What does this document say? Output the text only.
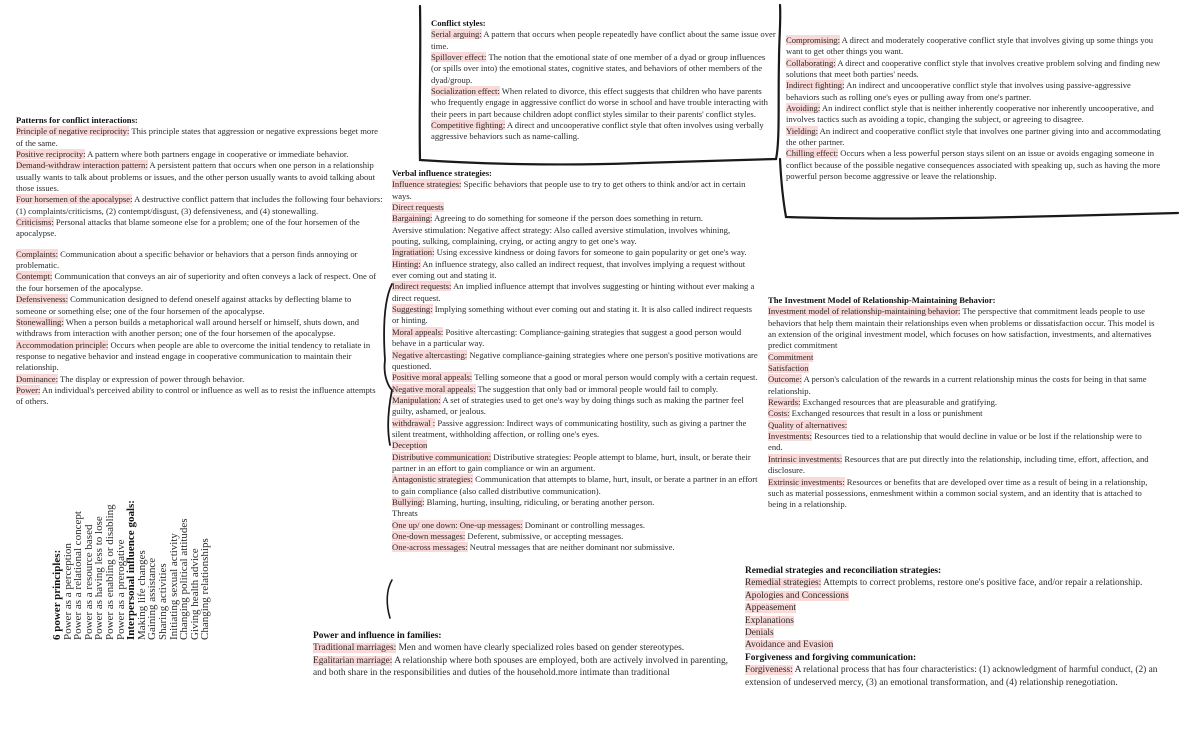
Conflict styles:

Serial arguing: A pattern that occurs when people repeatedly have conflict about the same issue over time.

Spillover effect: The notion that the emotional state of one member of a dyad or group influences (or spills over into) the emotional states, cognitive states, and behaviors of other members of the dyad/group.

Socialization effect: When related to divorce, this effect suggests that children who have parents who frequently engage in aggressive conflict do worse in school and have trouble interacting with their peers in part because children adopt conflict styles similar to their parents' conflict styles.

Competitive fighting: A direct and uncooperative conflict style that often involves using verbally aggressive behaviors such as name-calling.

Compromising: A direct and moderately cooperative conflict style that involves giving up some things you want to get other things you want.

Collaborating: A direct and cooperative conflict style that involves creative problem solving and finding new solutions that meet both parties' needs.

Indirect fighting: An indirect and uncooperative conflict style that involves using passive-aggressive behaviors such as rolling one's eyes or pulling away from one's partner.

Avoiding: An indirect conflict style that is neither inherently cooperative nor inherently uncooperative, and involves tactics such as avoiding a topic, changing the subject, or agreeing to disagree.

Yielding: An indirect and cooperative conflict style that involves one partner giving into and accommodating the other partner.

Chilling effect: Occurs when a less powerful person stays silent on an issue or avoids engaging someone in conflict because of the possible negative consequences associated with speaking up, such as having the more powerful person become aggressive or leave the relationship.

Patterns for conflict interactions:

Principle of negative reciprocity: This principle states that aggression or negative expressions beget more of the same.

Positive reciprocity: A pattern where both partners engage in cooperative or immediate behavior.

Demand-withdraw interaction pattern: A persistent pattern that occurs when one person in a relationship usually wants to talk about problems or issues, and the other person usually wants to avoid talking about those issues.

Four horsemen of the apocalypse: A destructive conflict pattern that includes the following four behaviors: (1) complaints/criticisms, (2) contempt/disgust, (3) defensiveness, and (4) stonewalling.

Criticisms: Personal attacks that blame someone else for a problem; one of the four horsemen of the apocalypse.

Complaints: Communication about a specific behavior or behaviors that a person finds annoying or problematic.

Contempt: Communication that conveys an air of superiority and often conveys a lack of respect. One of the four horsemen of the apocalypse.

Defensiveness: Communication designed to defend oneself against attacks by deflecting blame to someone or something else; one of the four horsemen of the apocalypse.

Stonewalling: When a person builds a metaphorical wall around herself or himself, shuts down, and withdraws from interaction with another person; one of the four horsemen of the apocalypse.

Accommodation principle: Occurs when people are able to overcome the initial tendency to retaliate in response to negative behavior and instead engage in cooperative communication to maintain their relationship.

Dominance: The display or expression of power through behavior.

Power: An individual's perceived ability to control or influence as well as to resist the influence attempts of others.

Verbal influence strategies:

Influence strategies: Specific behaviors that people use to try to get others to think and/or act in certain ways.

Direct requests

Bargaining: Agreeing to do something for someone if the person does something in return.

Aversive stimulation: Negative affect strategy: Also called aversive stimulation, involves whining, pouting, sulking, complaining, crying, or acting angry to get one's way.

Ingratiation: Using excessive kindness or doing favors for someone to gain popularity or get one's way.

Hinting: An influence strategy, also called an indirect request, that involves implying a request without ever coming out and stating it.

Indirect requests: An implied influence attempt that involves suggesting or hinting without ever making a direct request.

Suggesting: Implying something without ever coming out and stating it. It is also called indirect requests or hinting.

Moral appeals: Positive altercasting: Compliance-gaining strategies that suggest a good person would behave in a particular way.

Negative altercasting: Negative compliance-gaining strategies where one person's positive motivations are questioned.

Positive moral appeals: Telling someone that a good or moral person would comply with a certain request.

Negative moral appeals: The suggestion that only bad or immoral people would fail to comply.

Manipulation: A set of strategies used to get one's way by doing things such as making the partner feel guilty, ashamed, or jealous.

withdrawal : Passive aggression: Indirect ways of communicating hostility, such as giving a partner the silent treatment, withholding affection, or rolling one's eyes.

Deception

Distributive communication: Distributive strategies: People attempt to blame, hurt, insult, or berate their partner in an effort to gain compliance or win an argument.

Antagonistic strategies: Communication that attempts to blame, hurt, insult, or berate a partner in an effort to gain compliance (also called distributive communication).

Bullying: Blaming, hurting, insulting, ridiculing, or berating another person.

Threats

One up/ one down: One-up messages: Dominant or controlling messages.

One-down messages: Deferent, submissive, or accepting messages.

One-across messages: Neutral messages that are neither dominant nor submissive.

The Investment Model of Relationship-Maintaining Behavior:

Investment model of relationship-maintaining behavior: The perspective that commitment leads people to use behaviors that help them maintain their relationships even when problems or dissatisfaction occur. This model is an extension of the original investment model, which focuses on how satisfaction, investments, and alternatives predict commitment

Commitment

Satisfaction

Outcome: A person's calculation of the rewards in a current relationship minus the costs for being in that same relationship.

Rewards: Exchanged resources that are pleasurable and gratifying.

Costs: Exchanged resources that result in a loss or punishment

Quality of alternatives:

Investments: Resources tied to a relationship that would decline in value or be lost if the relationship were to end.

Intrinsic investments: Resources that are put directly into the relationship, including time, effort, affection, and disclosure.

Extrinsic investments: Resources or benefits that are developed over time as a result of being in a relationship, such as material possessions, enmeshment within a common social system, and an identity that is attached to being in a relationship.

Remedial strategies and reconciliation strategies:

Remedial strategies: Attempts to correct problems, restore one's positive face, and/or repair a relationship.

Apologies and Concessions

Appeasement

Explanations

Denials

Avoidance and Evasion

Forgiveness and forgiving communication:

Forgiveness: A relational process that has four characteristics: (1) acknowledgment of harmful conduct, (2) an extension of undeserved mercy, (3) an emotional transformation, and (4) relationship renegotiation.

Power and influence in families:

Traditional marriages: Men and women have clearly specialized roles based on gender stereotypes.

Egalitarian marriage: A relationship where both spouses are employed, both are actively involved in parenting, and both share in the responsibilities and duties of the household.more intimate than traditional

6 power principles:
Power as a perception
Power as a relational concept
Power as a resource based
Power as having less to lose
Power as enabling or disabling
Power as a prerogative
Interpersonal influence goals:
Making life changes
Gaining assistance
Sharing activities
Initiating sexual activity
Changing political attitudes
Giving health advice
Changing relationships
